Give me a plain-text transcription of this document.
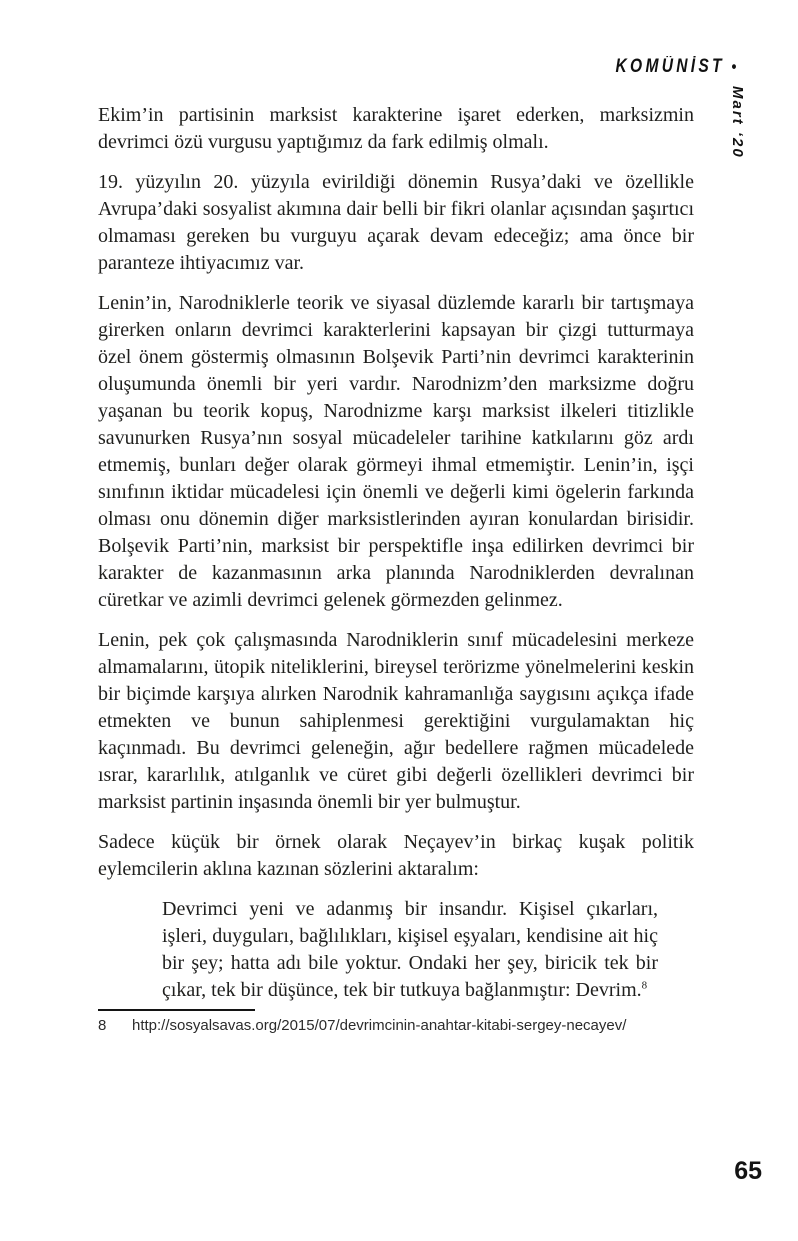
KOMÜNİST •
Mart ‘20

Ekim’in partisinin marksist karakterine işaret ederken, marksizmin devrimci özü vurgusu yaptığımız da fark edilmiş olmalı.

19. yüzyılın 20. yüzyıla evirildiği dönemin Rusya’daki ve özellikle Avrupa’daki sosyalist akımına dair belli bir fikri olanlar açısından şaşırtıcı olmaması gereken bu vurguyu açarak devam edeceğiz; ama önce bir paranteze ihtiyacımız var.

Lenin’in, Narodniklerle teorik ve siyasal düzlemde kararlı bir tartışmaya girerken onların devrimci karakterlerini kapsayan bir çizgi tutturmaya özel önem göstermiş olmasının Bolşevik Parti’nin devrimci karakterinin oluşumunda önemli bir yeri vardır. Narodnizm’den marksizme doğru yaşanan bu teorik kopuş, Narodnizme karşı marksist ilkeleri titizlikle savunurken Rusya’nın sosyal mücadeleler tarihine katkılarını göz ardı etmemiş, bunları değer olarak görmeyi ihmal etmemiştir. Lenin’in, işçi sınıfının iktidar mücadelesi için önemli ve değerli kimi ögelerin farkında olması onu dönemin diğer marksistlerinden ayıran konulardan birisidir. Bolşevik Parti’nin, marksist bir perspektifle inşa edilirken devrimci bir karakter de kazanmasının arka planında Narodniklerden devralınan cüretkar ve azimli devrimci gelenek görmezden gelinmez.

Lenin, pek çok çalışmasında Narodniklerin sınıf mücadelesini merkeze almamalarını, ütopik niteliklerini, bireysel terörizme yönelmelerini keskin bir biçimde karşıya alırken Narodnik kahramanlığa saygısını açıkça ifade etmekten ve bunun sahiplenmesi gerektiğini vurgulamaktan hiç kaçınmadı. Bu devrimci geleneğin, ağır bedellere rağmen mücadelede ısrar, kararlılık, atılganlık ve cüret gibi değerli özellikleri devrimci bir marksist partinin inşasında önemli bir yer bulmuştur.

Sadece küçük bir örnek olarak Neçayev’in birkaç kuşak politik eylemcilerin aklına kazınan sözlerini aktaralım:

Devrimci yeni ve adanmış bir insandır. Kişisel çıkarları, işleri, duyguları, bağlılıkları, kişisel eşyaları, kendisine ait hiç bir şey; hatta adı bile yoktur. Ondaki her şey, biricik tek bir çıkar, tek bir düşünce, tek bir tutkuya bağlanmıştır: Devrim.$^8$
8	http://sosyalsavas.org/2015/07/devrimcinin-anahtar-kitabi-sergey-necayev/
65
